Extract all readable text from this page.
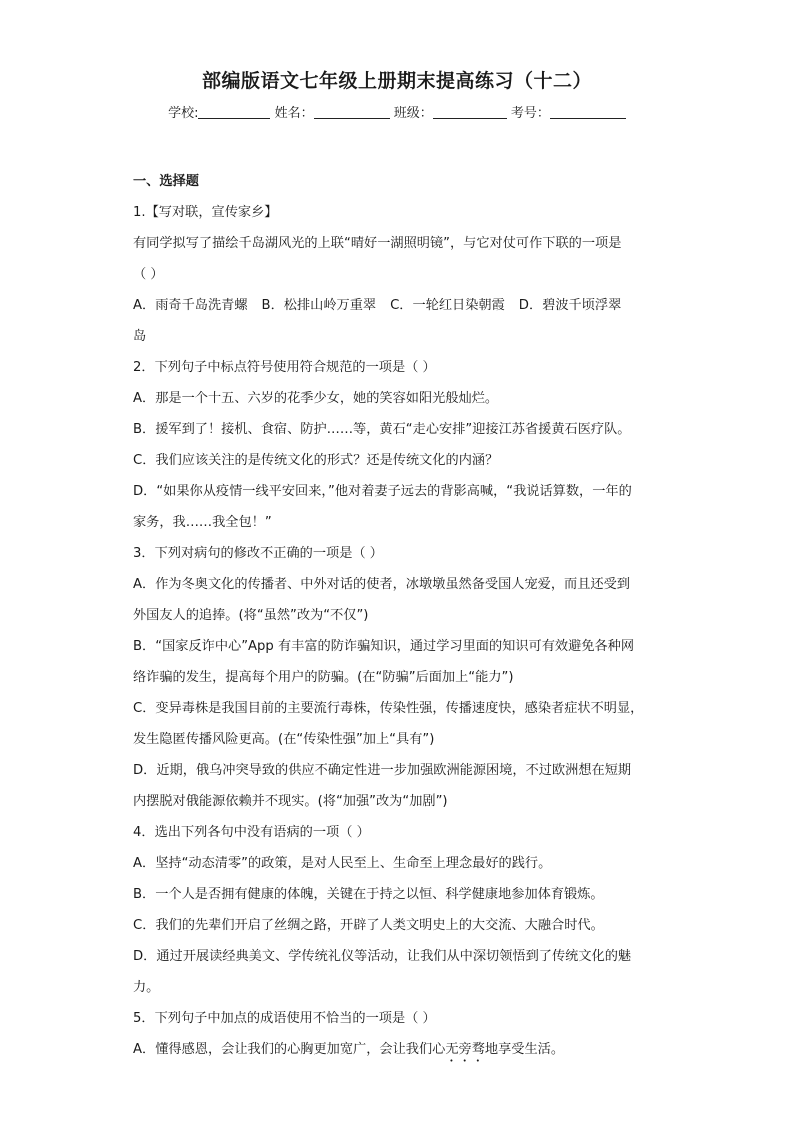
部编版语文七年级上册期末提高练习（十二）
学校:	姓名：	班级：	考号：
一、选择题
1.【写对联，宣传家乡】
有同学拟写了描绘千岛湖风光的上联“晴好一湖照明镜”，与它对仗可作下联的一项是
（ ）
A．雨奇千岛洗青螺 B．松排山岭万重翠 C．一轮红日染朝霞 D．碧波千顷浮翠
岛
2．下列句子中标点符号使用符合规范的一项是（ ）
A．那是一个十五、六岁的花季少女，她的笑容如阳光般灿烂。
B．援军到了！接机、食宿、防护……等，黄石“走心安排”迎接江苏省援黄石医疗队。
C．我们应该关注的是传统文化的形式？还是传统文化的内涵？
D．“如果你从疫情一线平安回来，”他对着妻子远去的背影高喊，“我说话算数，一年的
家务，我……我全包！”
3．下列对病句的修改不正确的一项是（ ）
A．作为冬奥文化的传播者、中外对话的使者，冰墩墩虽然备受国人宠爱，而且还受到
外国友人的追捧。(将“虽然”改为“不仅”)
B．“国家反诈中心”App 有丰富的防诈骗知识，通过学习里面的知识可有效避免各种网
络诈骗的发生，提高每个用户的防骗。(在“防骗”后面加上“能力”)
C．变异毒株是我国目前的主要流行毒株，传染性强，传播速度快，感染者症状不明显，
发生隐匿传播风险更高。(在“传染性强”加上“具有”)
D．近期，俄乌冲突导致的供应不确定性进一步加强欧洲能源困境，不过欧洲想在短期
内摆脱对俄能源依赖并不现实。(将“加强”改为“加剧”)
4．选出下列各句中没有语病的一项（ ）
A．坚持“动态清零”的政策，是对人民至上、生命至上理念最好的践行。
B．一个人是否拥有健康的体魄，关键在于持之以恒、科学健康地参加体育锻炼。
C．我们的先辈们开启了丝绸之路，开辟了人类文明史上的大交流、大融合时代。
D．通过开展读经典美文、学传统礼仪等活动，让我们从中深切领悟到了传统文化的魅
力。
5．下列句子中加点的成语使用不恰当的一项是（ ）
A．懂得感恩，会让我们的心胸更加宽广，会让我们心无旁骛地享受生活。
